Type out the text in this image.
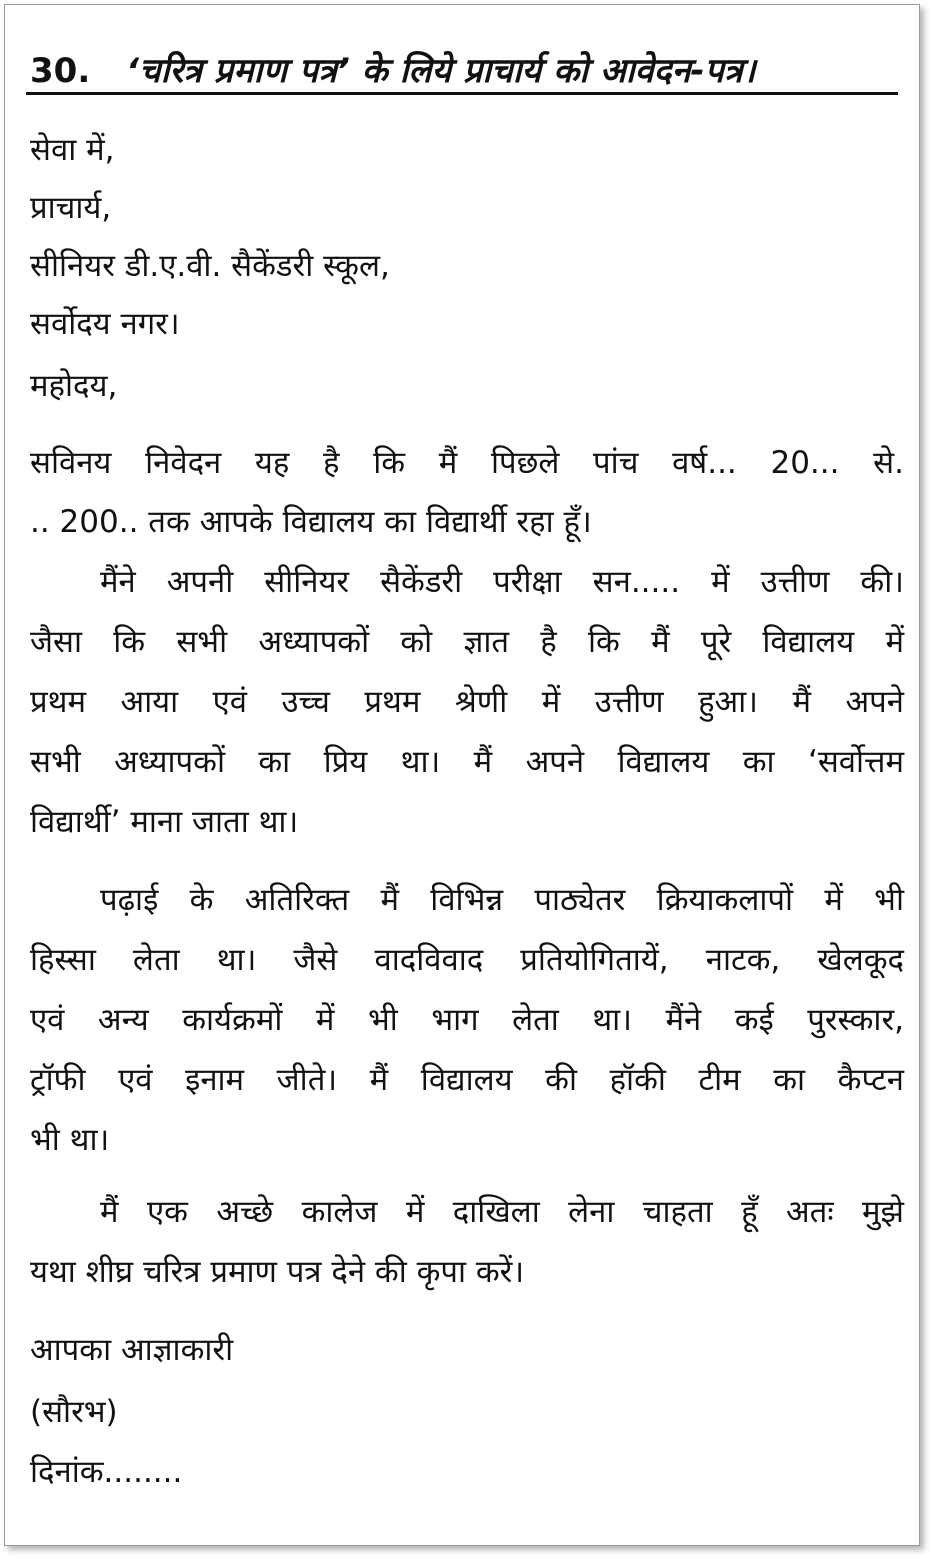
30. ‘चरित्र प्रमाण पत्र’ के लिये प्राचार्य को आवेदन-पत्र।
सेवा में,
प्राचार्य,
सीनियर डी.ए.वी. सैकेंडरी स्कूल,
सर्वोदय नगर।
महोदय,
सविनय निवेदन यह है कि मैं पिछले पांच वर्ष... 20... से.
.. 200.. तक आपके विद्यालय का विद्यार्थी रहा हूँ।
मैंने अपनी सीनियर सैकेंडरी परीक्षा सन..... में उत्तीण की।
जैसा कि सभी अध्यापकों को ज्ञात है कि मैं पूरे विद्यालय में
प्रथम आया एवं उच्च प्रथम श्रेणी में उत्तीण हुआ। मैं अपने
सभी अध्यापकों का प्रिय था। मैं अपने विद्यालय का ‘सर्वोत्तम
विद्यार्थी’ माना जाता था।
पढ़ाई के अतिरिक्त मैं विभिन्न पाठ्येतर क्रियाकलापों में भी
हिस्सा लेता था। जैसे वादविवाद प्रतियोगितायें, नाटक, खेलकूद
एवं अन्य कार्यक्रमों में भी भाग लेता था। मैंने कई पुरस्कार,
ट्रॉफी एवं इनाम जीते। मैं विद्यालय की हॉकी टीम का कैप्टन
भी था।
मैं एक अच्छे कालेज में दाखिला लेना चाहता हूँ अतः मुझे
यथा शीघ्र चरित्र प्रमाण पत्र देने की कृपा करें।
आपका आज्ञाकारी
(सौरभ)
दिनांक........
